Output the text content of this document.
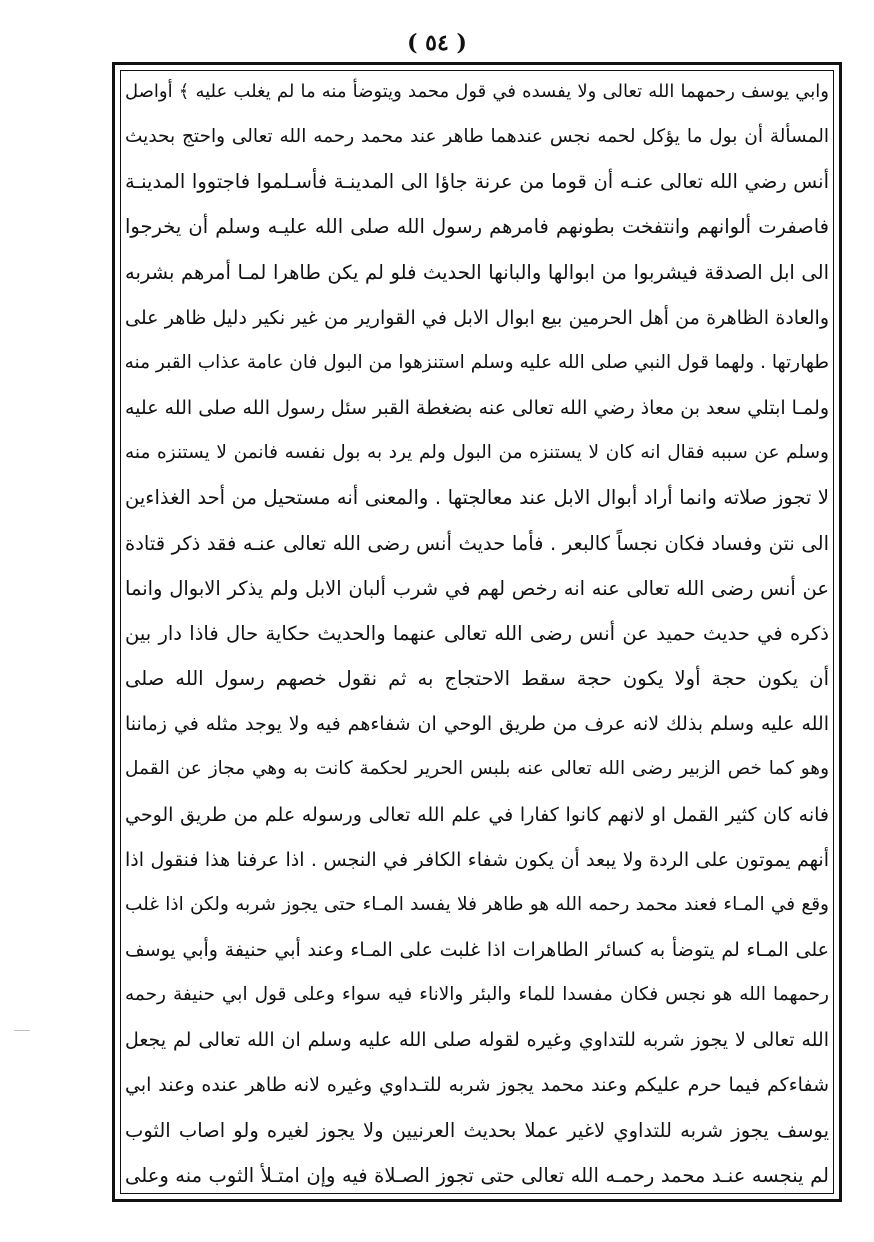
( ٥٤ )
وابي يوسف رحمهما الله تعالى ولا يفسده في قول محمد ويتوضأ منه ما لم يغلب عليه ﴾ أواصل
المسألة أن بول ما يؤكل لحمه نجس عندهما طاهر عند محمد رحمه الله تعالى واحتج بحديث
أنس رضي الله تعالى عنـه أن قوما من عرنة جاؤا الى المدينـة فأسـلموا فاجتووا المدينـة
فاصفرت ألوانهم وانتفخت بطونهم فامرهم رسول الله صلى الله عليـه وسلم أن يخرجوا
الى ابل الصدقة فيشربوا من ابوالها والبانها الحديث فلو لم يكن طاهرا لمـا أمرهم بشربه
والعادة الظاهرة من أهل الحرمين بيع ابوال الابل في القوارير من غير نكير دليل ظاهر على
طهارتها . ولهما قول النبي صلى الله عليه وسلم استنزهوا من البول فان عامة عذاب القبر منه
ولمـا ابتلي سعد بن معاذ رضي الله تعالى عنه بضغطة القبر سئل رسول الله صلى الله عليه
وسلم عن سببه فقال انه كان لا يستنزه من البول ولم يرد به بول نفسه فانمن لا يستنزه منه
لا تجوز صلاته وانما أراد أبوال الابل عند معالجتها . والمعنى أنه مستحيل من أحد الغذاءين
الى نتن وفساد فكان نجساً كالبعر . فأما حديث أنس رضى الله تعالى عنـه فقد ذكر قتادة
عن أنس رضى الله تعالى عنه انه رخص لهم في شرب ألبان الابل ولم يذكر الابوال وانما
ذكره في حديث حميد عن أنس رضى الله تعالى عنهما والحديث حكاية حال فاذا دار بين
أن يكون حجة أولا يكون حجة سقط الاحتجاج به ثم نقول خصهم رسول الله صلى
الله عليه وسلم بذلك لانه عرف من طريق الوحي ان شفاءهم فيه ولا يوجد مثله في زماننا
وهو كما خص الزبير رضى الله تعالى عنه بلبس الحرير لحكمة كانت به وهي مجاز عن القمل
فانه كان كثير القمل او لانهم كانوا كفارا في علم الله تعالى ورسوله علم من طريق الوحي
أنهم يموتون على الردة ولا يبعد أن يكون شفاء الكافر في النجس . اذا عرفنا هذا فنقول اذا
وقع في المـاء فعند محمد رحمه الله هو طاهر فلا يفسد المـاء حتى يجوز شربه ولكن اذا غلب
على المـاء لم يتوضأ به كسائر الطاهرات اذا غلبت على المـاء وعند أبي حنيفة وأبي يوسف
رحمهما الله هو نجس فكان مفسدا للماء والبئر والاناء فيه سواء وعلى قول ابي حنيفة رحمه
الله تعالى لا يجوز شربه للتداوي وغيره لقوله صلى الله عليه وسلم ان الله تعالى لم يجعل
شفاءكم فيما حرم عليكم وعند محمد يجوز شربه للتـداوي وغيره لانه طاهر عنده وعند ابي
يوسف يجوز شربه للتداوي لاغير عملا بحديث العرنيين ولا يجوز لغيره ولو اصاب الثوب
لم ينجسه عنـد محمد رحمـه الله تعالى حتى تجوز الصـلاة فيه وإن امتـلأ الثوب منه وعلى
